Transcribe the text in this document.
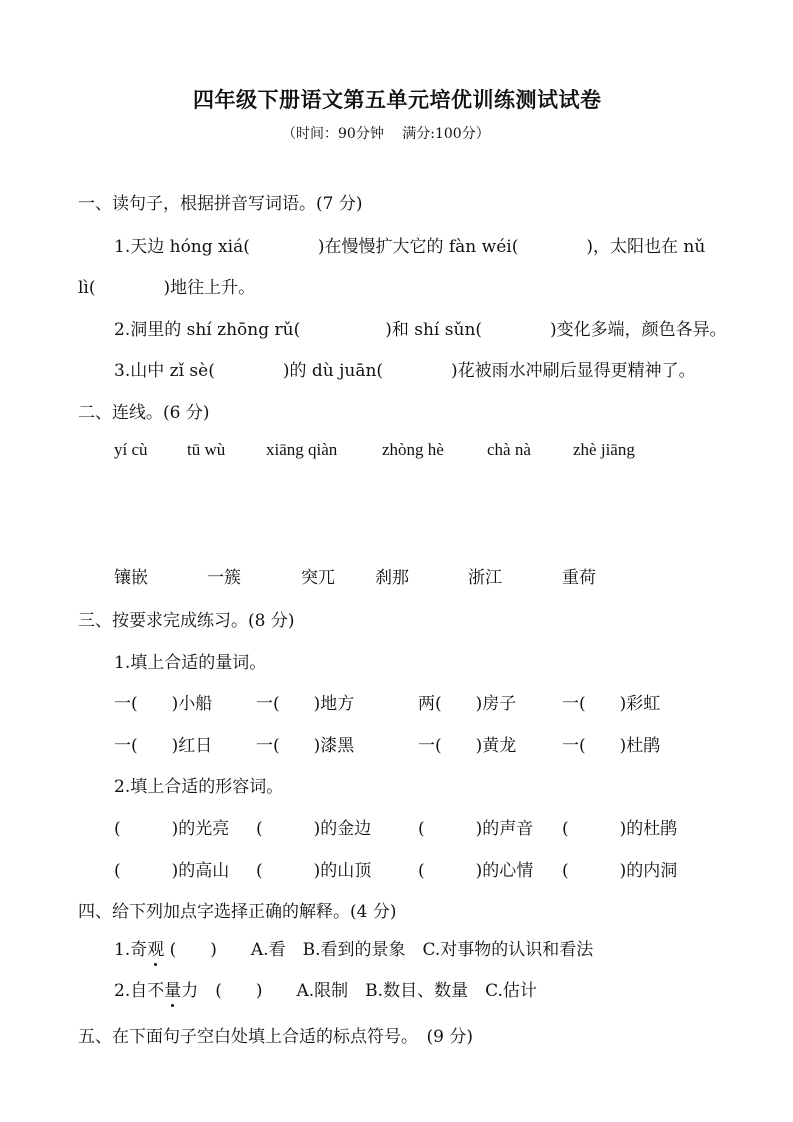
四年级下册语文第五单元培优训练测试试卷
（时间：90分钟　 满分:100分）
一、读句子，根据拼音写词语。(7 分)
1.天边 hóng xiá(　　　　)在慢慢扩大它的 fàn wéi(　　　　)，太阳也在 nǔ
lì(　　　　)地往上升。
2.洞里的 shí zhōng rǔ(　　　　　)和 shí sǔn(　　　　)变化多端，颜色各异。
3.山中 zǐ sè(　　　　)的 dù juān(　　　　)花被雨水冲刷后显得更精神了。
二、连线。(6 分)
yí cù tū wù xiāng qiàn	zhòng hè	chà nà zhè jiāng
镶嵌	一簇	突兀 刹那	浙江	重荷
三、按要求完成练习。(8 分)
1.填上合适的量词。
一(　　)小船	一(　　)地方	两(　　)房子	一(　　)彩虹
一(　　)红日	一(　　)漆黑	一(　　)黄龙	一(　　)杜鹃
2.填上合适的形容词。
(　　　)的光亮 (　　　)的金边	(　　　)的声音 (　　　)的杜鹃
(　　　)的高山 (　　　)的山顶	(　　　)的心情 (　　　)的内洞
四、给下列加点字选择正确的解释。(4 分)
1.奇观 (　　)　　A.看　B.看到的景象　C.对事物的认识和看法
2.自不量力　(　　)　　A.限制　B.数目、数量　C.估计
五、在下面句子空白处填上合适的标点符号。　(9 分)
